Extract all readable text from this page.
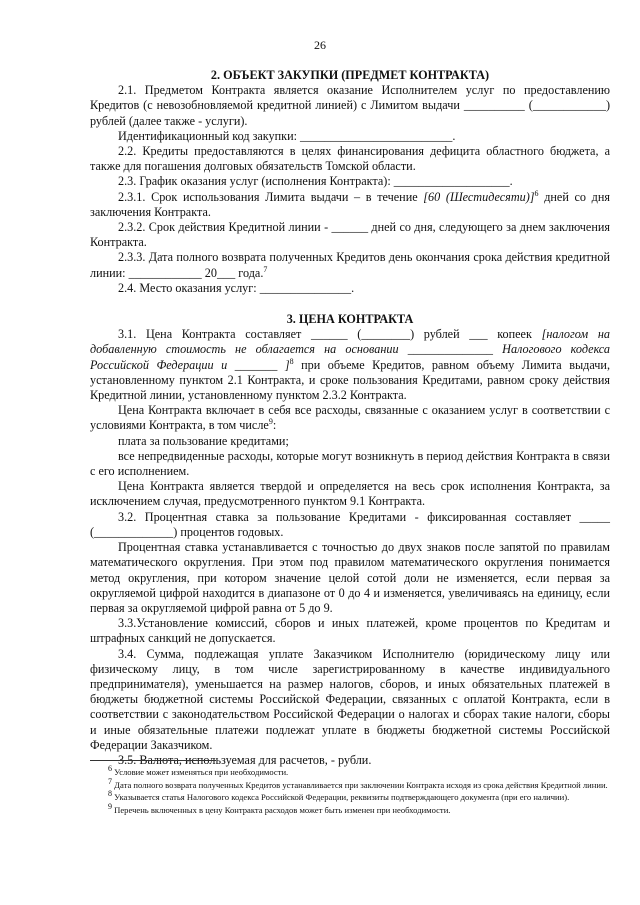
26

2. ОБЪЕКТ ЗАКУПКИ (ПРЕДМЕТ КОНТРАКТА)

2.1. Предметом Контракта является оказание Исполнителем услуг по предоставлению Кредитов (с невозобновляемой кредитной линией) с Лимитом выдачи __________ (____________) рублей (далее также - услуги).

Идентификационный код закупки: _________________________.

2.2. Кредиты предоставляются в целях финансирования дефицита областного бюджета, а также для погашения долговых обязательств Томской области.

2.3. График оказания услуг (исполнения Контракта): ___________________.

2.3.1. Срок использования Лимита выдачи – в течение [60 (Шестидесяти)]$^6$ дней со дня заключения Контракта.

2.3.2. Срок действия Кредитной линии - ______ дней со дня, следующего за днем заключения Контракта.

2.3.3. Дата полного возврата полученных Кредитов день окончания срока действия кредитной линии: ____________ 20___ года.$^7$

2.4. Место оказания услуг: _______________.

3. ЦЕНА КОНТРАКТА

3.1. Цена Контракта составляет ______ (________) рублей ___ копеек [налогом на добавленную стоимость не облагается на основании ______________ Налогового кодекса Российской Федерации и _______ ]$^8$ при объеме Кредитов, равном объему Лимита выдачи, установленному пунктом 2.1 Контракта, и сроке пользования Кредитами, равном сроку действия Кредитной линии, установленному пунктом 2.3.2 Контракта.

Цена Контракта включает в себя все расходы, связанные с оказанием услуг в соответствии с условиями Контракта, в том числе$^9$:

плата за пользование кредитами;

все непредвиденные расходы, которые могут возникнуть в период действия Контракта в связи с его исполнением.

Цена Контракта является твердой и определяется на весь срок исполнения Контракта, за исключением случая, предусмотренного пунктом 9.1 Контракта.

3.2. Процентная ставка за пользование Кредитами - фиксированная составляет _____ (_____________) процентов годовых.

Процентная ставка устанавливается с точностью до двух знаков после запятой по правилам математического округления. При этом под правилом математического округления понимается метод округления, при котором значение целой сотой доли не изменяется, если первая за округляемой цифрой находится в диапазоне от 0 до 4 и изменяется, увеличиваясь на единицу, если первая за округляемой цифрой равна от 5 до 9.

3.3.Установление комиссий, сборов и иных платежей, кроме процентов по Кредитам и штрафных санкций не допускается.

3.4. Сумма, подлежащая уплате Заказчиком Исполнителю (юридическому лицу или физическому лицу, в том числе зарегистрированному в качестве индивидуального предпринимателя), уменьшается на размер налогов, сборов, и иных обязательных платежей в бюджеты бюджетной системы Российской Федерации, связанных с оплатой Контракта, если в соответствии с законодательством Российской Федерации о налогах и сборах такие налоги, сборы и иные обязательные платежи подлежат уплате в бюджеты бюджетной системы Российской Федерации Заказчиком.

3.5. Валюта, используемая для расчетов, - рубли.

$^6$ Условие может изменяться при необходимости.

$^7$ Дата полного возврата полученных Кредитов устанавливается при заключении Контракта исходя из срока действия Кредитной линии.

$^8$ Указывается статья Налогового кодекса Российской Федерации, реквизиты подтверждающего документа (при его наличии).

$^9$ Перечень включенных в цену Контракта расходов может быть изменен при необходимости.
